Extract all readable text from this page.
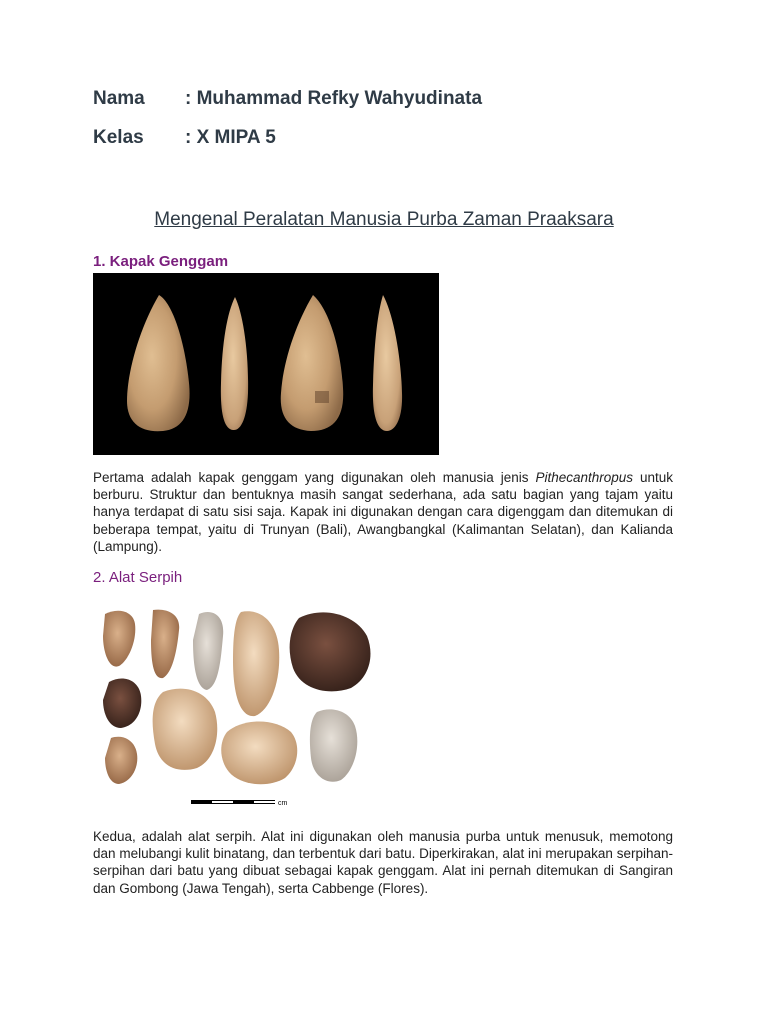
Nama : Muhammad Refky Wahyudinata
Kelas : X MIPA 5
Mengenal Peralatan Manusia Purba Zaman Praaksara
1. Kapak Genggam
Pertama adalah kapak genggam yang digunakan oleh manusia jenis Pithecanthropus untuk berburu. Struktur dan bentuknya masih sangat sederhana, ada satu bagian yang tajam yaitu hanya terdapat di satu sisi saja. Kapak ini digunakan dengan cara digenggam dan ditemukan di beberapa tempat, yaitu di Trunyan (Bali), Awangbangkal (Kalimantan Selatan), dan Kalianda (Lampung).
2. Alat Serpih
cm
Kedua, adalah alat serpih. Alat ini digunakan oleh manusia purba untuk menusuk, memotong dan melubangi kulit binatang, dan terbentuk dari batu. Diperkirakan, alat ini merupakan serpihan-serpihan dari batu yang dibuat sebagai kapak genggam. Alat ini pernah ditemukan di Sangiran dan Gombong (Jawa Tengah), serta Cabbenge (Flores).
